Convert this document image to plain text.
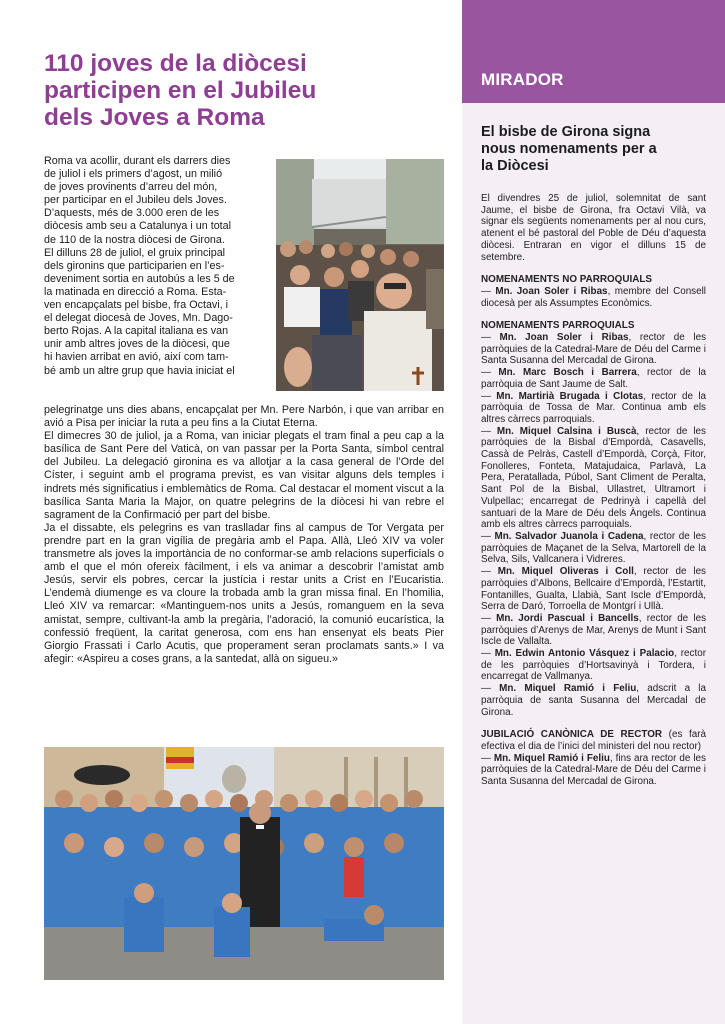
110 joves de la diòcesi
participen en el Jubileu
dels Joves a Roma
Roma va acollir, durant els darrers dies
de juliol i els primers d’agost, un milió
de joves provinents d’arreu del món,
per participar en el Jubileu dels Joves.
D’aquests, més de 3.000 eren de les
diòcesis amb seu a Catalunya i un total
de 110 de la nostra diòcesi de Girona.
El dilluns 28 de juliol, el gruix principal
dels gironins que participarien en l’es-
deveniment sortia en autobús a les 5 de
la matinada en direcció a Roma. Esta-
ven encapçalats pel bisbe, fra Octavi, i
el delegat diocesà de Joves, Mn. Dago-
berto Rojas. A la capital italiana es van
unir amb altres joves de la diòcesi, que
hi havien arribat en avió, així com tam-
bé amb un altre grup que havia iniciat el

pelegrinatge uns dies abans, encapçalat per Mn. Pere Narbón, i que van arribar en avió a Pisa per iniciar la ruta a peu fins a la Ciutat Eterna.

El dimecres 30 de juliol, ja a Roma, van iniciar plegats el tram final a peu cap a la basílica de Sant Pere del Vaticà, on van passar per la Porta Santa, símbol central del Jubileu. La delegació gironina es va allotjar a la casa general de l’Orde del Císter, i seguint amb el programa previst, es van visitar alguns dels temples i indrets més significatius i emblemàtics de Roma. Cal destacar el moment viscut a la basílica Santa Maria la Major, on quatre pelegrins de la diòcesi hi van rebre el sagrament de la Confirmació per part del bisbe.

Ja el dissabte, els pelegrins es van traslladar fins al campus de Tor Vergata per prendre part en la gran vigília de pregària amb el Papa. Allà, Lleó XIV va voler transmetre als joves la importància de no conformar-se amb relacions superficials o amb el que el món ofereix fàcilment, i els va animar a descobrir l’amistat amb Jesús, servir els pobres, cercar la justícia i restar units a Crist en l’Eucaristia. L’endemà diumenge es va cloure la trobada amb la gran missa final. En l’homilia, Lleó XIV va remarcar: «Mantinguem-nos units a Jesús, romanguem en la seva amistat, sempre, cultivant-la amb la pregària, l’adoració, la comunió eucarística, la confessió freqüent, la caritat generosa, com ens han ensenyat els beats Pier Giorgio Frassati i Carlo Acutis, que properament seran proclamats sants.» I va afegir: «Aspireu a coses grans, a la santedat, allà on sigueu.»

MIRADOR
El bisbe de Girona signa
nous nomenaments per a
la Diòcesi

El divendres 25 de juliol, solemnitat de sant Jaume, el bisbe de Girona, fra Octavi Vilà, va signar els següents nomenaments per al nou curs, atenent el bé pastoral del Poble de Déu d’aquesta diòcesi. Entraran en vigor el dilluns 15 de setembre.

NOMENAMENTS NO PARROQUIALS

— Mn. Joan Soler i Ribas, membre del Consell diocesà per als Assumptes Econòmics.

NOMENAMENTS PARROQUIALS

— Mn. Joan Soler i Ribas, rector de les parròquies de la Catedral-Mare de Déu del Carme i Santa Susanna del Mercadal de Girona.

— Mn. Marc Bosch i Barrera, rector de la parròquia de Sant Jaume de Salt.

— Mn. Martirià Brugada i Clotas, rector de la parròquia de Tossa de Mar. Continua amb els altres càrrecs parroquials.

— Mn. Miquel Calsina i Buscà, rector de les parròquies de la Bisbal d’Empordà, Casavells, Cassà de Pelràs, Castell d’Empordà, Corçà, Fitor, Fonolleres, Fonteta, Matajudaica, Parlavà, La Pera, Peratallada, Púbol, Sant Climent de Peralta, Sant Pol de la Bisbal, Ullastret, Ultramort i Vulpellac; encarregat de Pedrinyà i capellà del santuari de la Mare de Déu dels Àngels. Continua amb els altres càrrecs parroquials.

— Mn. Salvador Juanola i Cadena, rector de les parròquies de Maçanet de la Selva, Martorell de la Selva, Sils, Vallcanera i Vidreres.

— Mn. Miquel Oliveras i Coll, rector de les parròquies d’Albons, Bellcaire d’Empordà, l’Estartit, Fontanilles, Gualta, Llabià, Sant Iscle d’Empordà, Serra de Daró, Torroella de Montgrí i Ullà.

— Mn. Jordi Pascual i Bancells, rector de les parròquies d’Arenys de Mar, Arenys de Munt i Sant Iscle de Vallalta.

— Mn. Edwin Antonio Vásquez i Palacio, rector de les parròquies d’Hortsavinyà i Tordera, i encarregat de Vallmanya.

— Mn. Miquel Ramió i Feliu, adscrit a la parròquia de santa Susanna del Mercadal de Girona.

JUBILACIÓ CANÒNICA DE RECTOR (es farà efectiva el dia de l’inici del ministeri del nou rector)

— Mn. Miquel Ramió i Feliu, fins ara rector de les parròquies de la Catedral-Mare de Déu del Carme i Santa Susanna del Mercadal de Girona.
